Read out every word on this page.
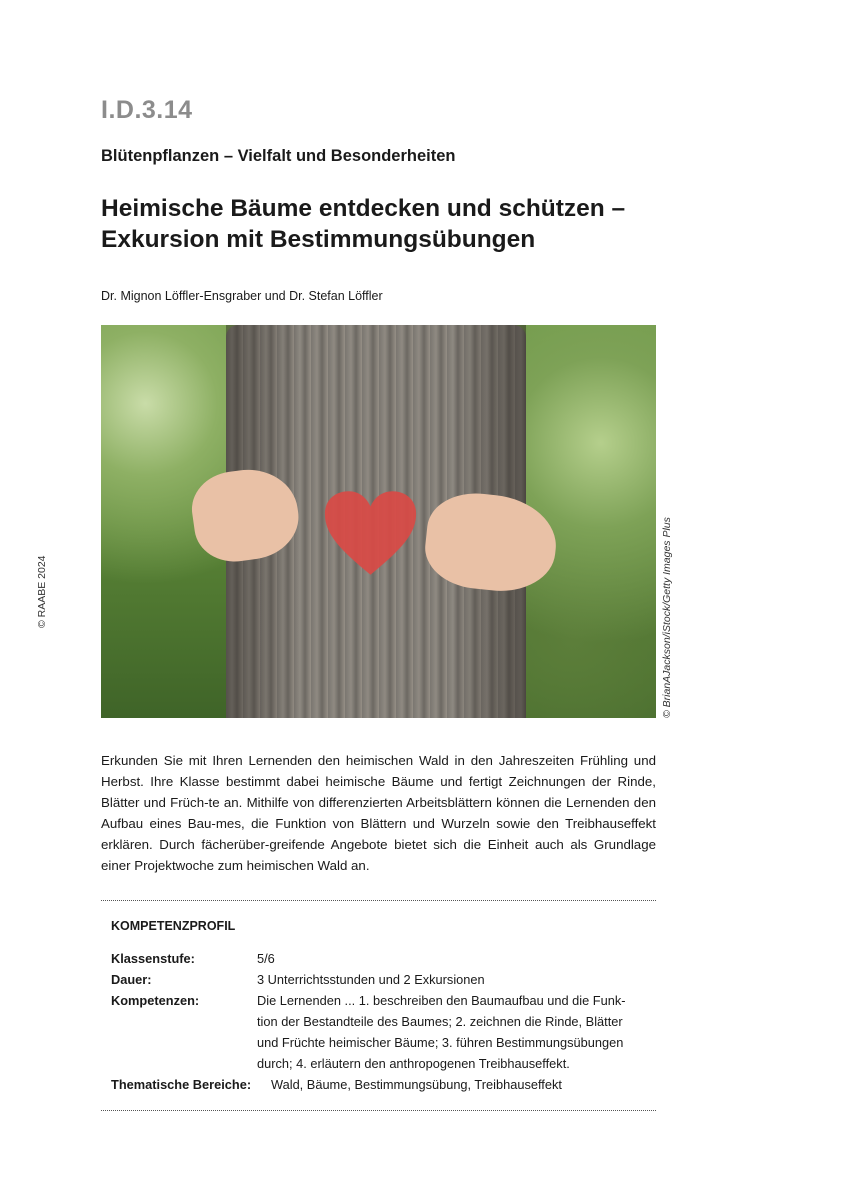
I.D.3.14
Blütenpflanzen – Vielfalt und Besonderheiten
Heimische Bäume entdecken und schützen –
Exkursion mit Bestimmungsübungen
Dr. Mignon Löffler-Ensgraber und Dr. Stefan Löffler
© BrianAJackson/iStock/Getty Images Plus
© RAABE 2024
Erkunden Sie mit Ihren Lernenden den heimischen Wald in den Jahreszeiten Frühling und Herbst. Ihre Klasse bestimmt dabei heimische Bäume und fertigt Zeichnungen der Rinde, Blätter und Früch-te an. Mithilfe von differenzierten Arbeitsblättern können die Lernenden den Aufbau eines Bau-mes, die Funktion von Blättern und Wurzeln sowie den Treibhauseffekt erklären. Durch fächerüber-greifende Angebote bietet sich die Einheit auch als Grundlage einer Projektwoche zum heimischen Wald an.
KOMPETENZPROFIL
Klassenstufe:	5/6
Dauer:	3 Unterrichtsstunden und 2 Exkursionen
Kompetenzen:	Die Lernenden ... 1. beschreiben den Baumaufbau und die Funk-tion der Bestandteile des Baumes; 2. zeichnen die Rinde, Blätter und Früchte heimischer Bäume; 3. führen Bestimmungsübungen durch; 4. erläutern den anthropogenen Treibhauseffekt.
Thematische Bereiche: Wald, Bäume, Bestimmungsübung, Treibhauseffekt
